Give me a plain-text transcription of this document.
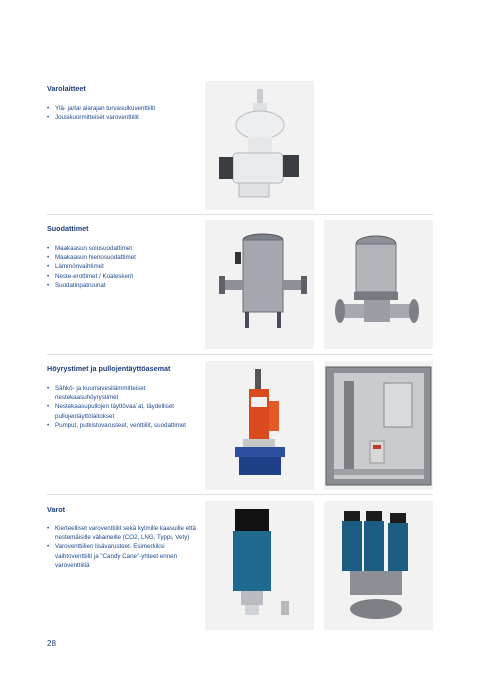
Varolaitteet
• Ylä- ja/tai alarajan turvasulkuventtiilit
• Jousikuormitteiset varoventtiilit
Suodattimet
• Maakaasun solusuodattimet
• Maakaasun hienosuodattimet
• Lämmönvaihtimet
• Neste-erottimet / Koaleskerit
• Suodatinpatruunat
Höyrystimet ja pullojentäyttöasemat
• Sähkö- ja kuumavesilämmitteiset nestekaasuhöyrystimet
• Nestekaasupullojen täyttövaa´at, täydelliset pullojentäyttölaitokset
• Pumput, putkistovarusteet, venttiilit, suodattimet
Varot
• Kierteelliset varoventtiilit sekä kylmille kaasuille että nestemäisille väliaineille (CO2, LNG, Typpi, Vety)
• Varoventtiilien lisävarusteet. Esimerkiksi vaihtoventtiilit ja "Candy Cane"-yhteet ennen varoventtiiliä
28
